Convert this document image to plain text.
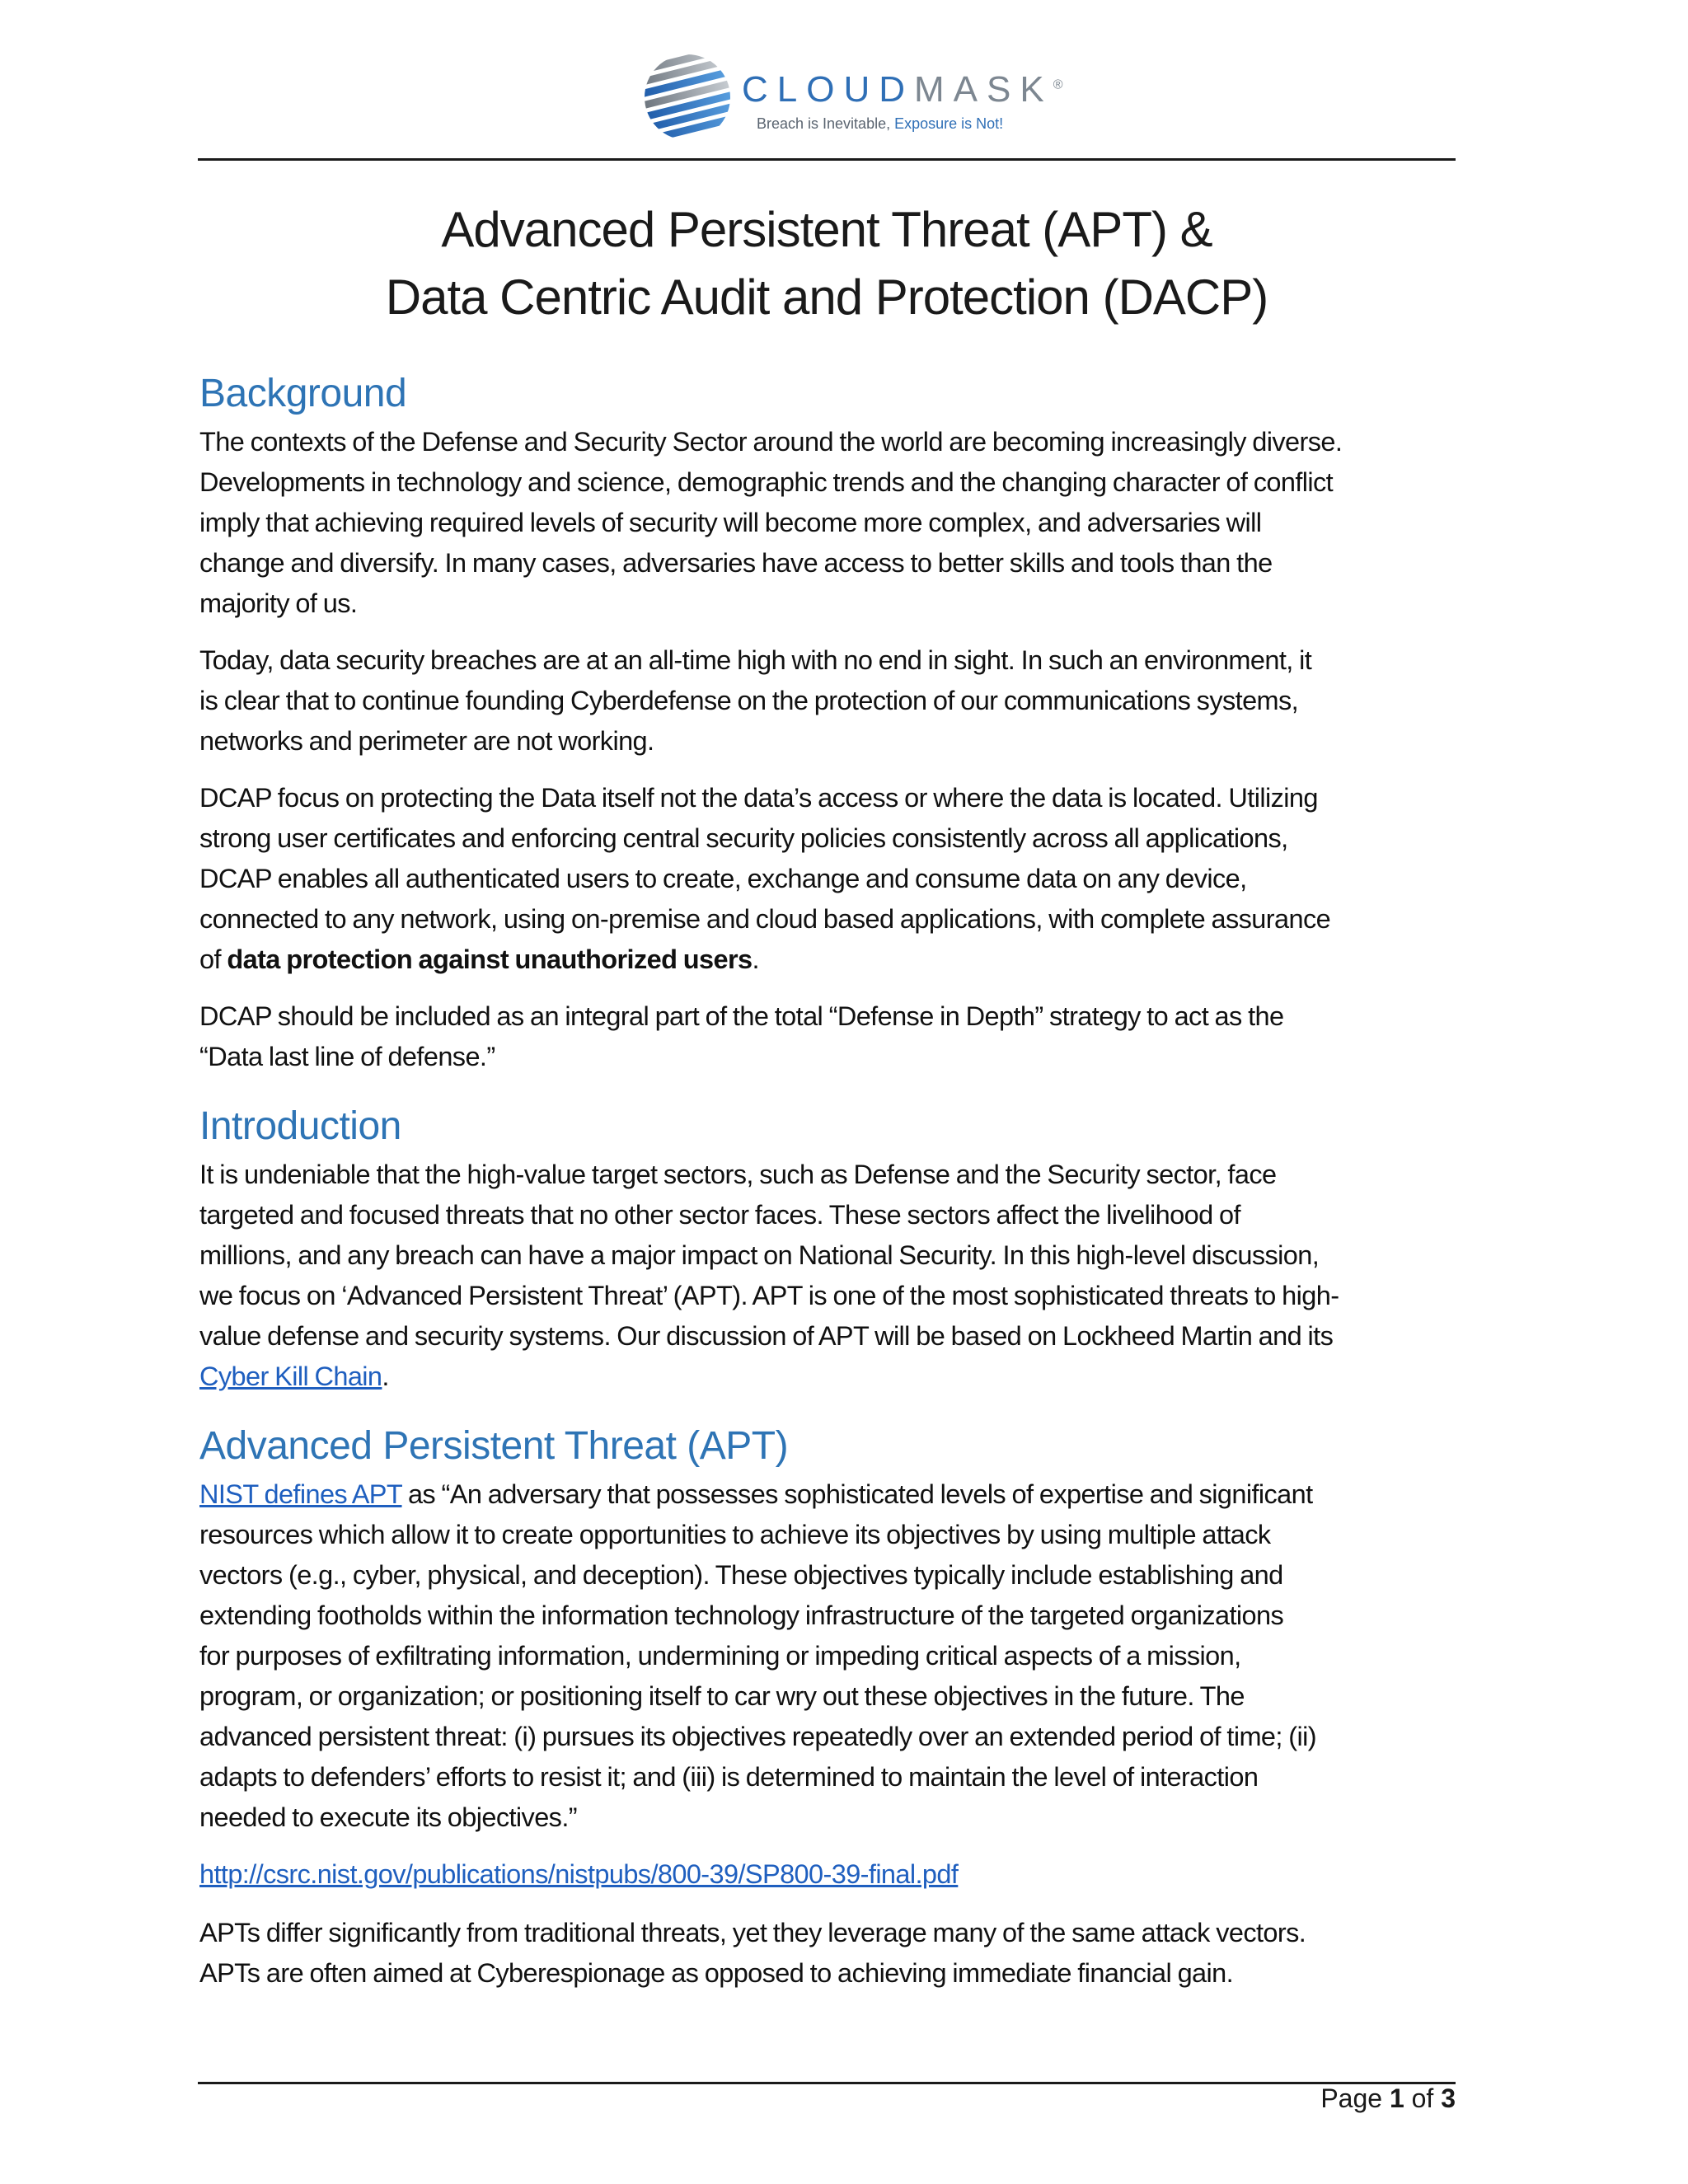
CLOUDMASK®
Breach is Inevitable, Exposure is Not!
Advanced Persistent Threat (APT) &
Data Centric Audit and Protection (DACP)
Background

The contexts of the Defense and Security Sector around the world are becoming increasingly diverse.
Developments in technology and science, demographic trends and the changing character of conflict
imply that achieving required levels of security will become more complex, and adversaries will
change and diversify. In many cases, adversaries have access to better skills and tools than the
majority of us.

Today, data security breaches are at an all-time high with no end in sight. In such an environment, it
is clear that to continue founding Cyberdefense on the protection of our communications systems,
networks and perimeter are not working.

DCAP focus on protecting the Data itself not the data’s access or where the data is located. Utilizing
strong user certificates and enforcing central security policies consistently across all applications,
DCAP enables all authenticated users to create, exchange and consume data on any device,
connected to any network, using on-premise and cloud based applications, with complete assurance
of data protection against unauthorized users.

DCAP should be included as an integral part of the total “Defense in Depth” strategy to act as the
“Data last line of defense.”

Introduction

It is undeniable that the high-value target sectors, such as Defense and the Security sector, face
targeted and focused threats that no other sector faces. These sectors affect the livelihood of
millions, and any breach can have a major impact on National Security. In this high-level discussion,
we focus on ‘Advanced Persistent Threat’ (APT). APT is one of the most sophisticated threats to high-
value defense and security systems. Our discussion of APT will be based on Lockheed Martin and its
Cyber Kill Chain.

Advanced Persistent Threat (APT)

NIST defines APT as “An adversary that possesses sophisticated levels of expertise and significant
resources which allow it to create opportunities to achieve its objectives by using multiple attack
vectors (e.g., cyber, physical, and deception). These objectives typically include establishing and
extending footholds within the information technology infrastructure of the targeted organizations
for purposes of exfiltrating information, undermining or impeding critical aspects of a mission,
program, or organization; or positioning itself to car wry out these objectives in the future. The
advanced persistent threat: (i) pursues its objectives repeatedly over an extended period of time; (ii)
adapts to defenders’ efforts to resist it; and (iii) is determined to maintain the level of interaction
needed to execute its objectives.”

http://csrc.nist.gov/publications/nistpubs/800-39/SP800-39-final.pdf

APTs differ significantly from traditional threats, yet they leverage many of the same attack vectors.
APTs are often aimed at Cyberespionage as opposed to achieving immediate financial gain.

Page 1 of 3
